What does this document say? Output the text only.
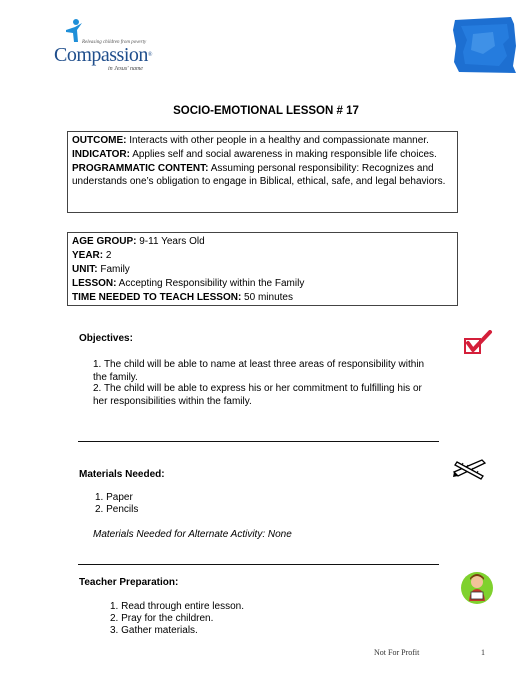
Releasing children from poverty
Compassion®
in Jesus' name
SOCIO-EMOTIONAL LESSON # 17

OUTCOME: Interacts with other people in a healthy and compassionate manner.

INDICATOR: Applies self and social awareness in making responsible life choices.

PROGRAMMATIC CONTENT: Assuming personal responsibility: Recognizes and understands one’s obligation to engage in Biblical, ethical, safe, and legal behaviors.

AGE GROUP: 9-11 Years Old

YEAR: 2

UNIT: Family

LESSON: Accepting Responsibility within the Family

TIME NEEDED TO TEACH LESSON: 50 minutes

Objectives:
1. The child will be able to name at least three areas of responsibility within the family.
2. The child will be able to express his or her commitment to fulfilling his or her responsibilities within the family.
Materials Needed:
1. Paper
2. Pencils
Materials Needed for Alternate Activity: None
Teacher Preparation:
1. Read through entire lesson.
2. Pray for the children.
3. Gather materials.
Not For Profit	1
